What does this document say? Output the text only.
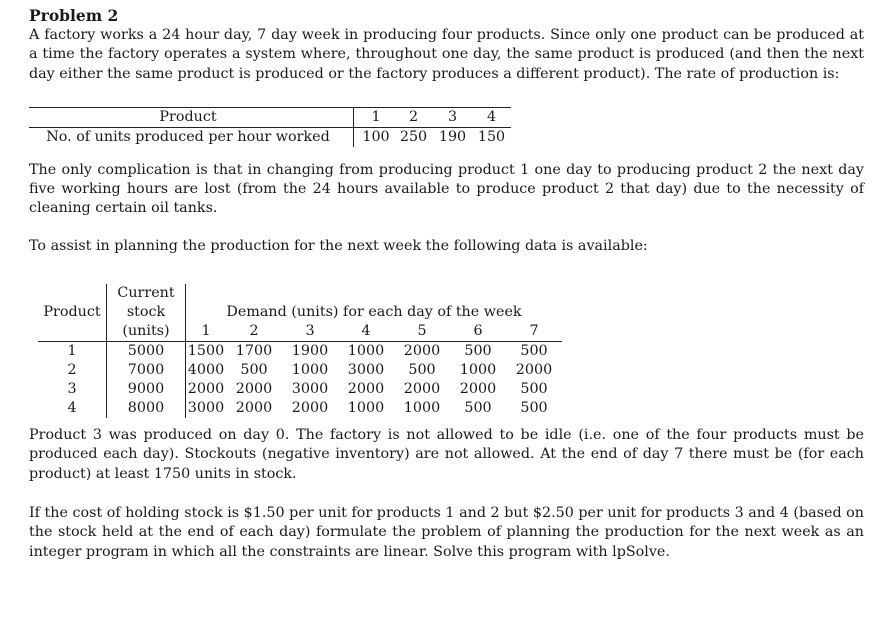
Problem 2

A factory works a 24 hour day, 7 day week in producing four products. Since only one product can be produced at a time the factory operates a system where, throughout one day, the same product is produced (and then the next day either the same product is produced or the factory produces a different product). The rate of production is:

Product	1	2	3	4
No. of units produced per hour worked	100	250	190	150

The only complication is that in changing from producing product 1 one day to producing product 2 the next day five working hours are lost (from the 24 hours available to produce product 2 that day) due to the necessity of cleaning certain oil tanks.

To assist in planning the production for the next week the following data is available:

	Current							
Product	stock	Demand (units) for each day of the week						
	(units)	1	2	3	4	5	6	7
1	5000	1500	1700	1900	1000	2000	500	500
2	7000	4000	500	1000	3000	500	1000	2000
3	9000	2000	2000	3000	2000	2000	2000	500
4	8000	3000	2000	2000	1000	1000	500	500

Product 3 was produced on day 0. The factory is not allowed to be idle (i.e. one of the four products must be produced each day). Stockouts (negative inventory) are not allowed. At the end of day 7 there must be (for each product) at least 1750 units in stock.

If the cost of holding stock is $1.50 per unit for products 1 and 2 but $2.50 per unit for products 3 and 4 (based on the stock held at the end of each day) formulate the problem of planning the production for the next week as an integer program in which all the constraints are linear. Solve this program with lpSolve.
